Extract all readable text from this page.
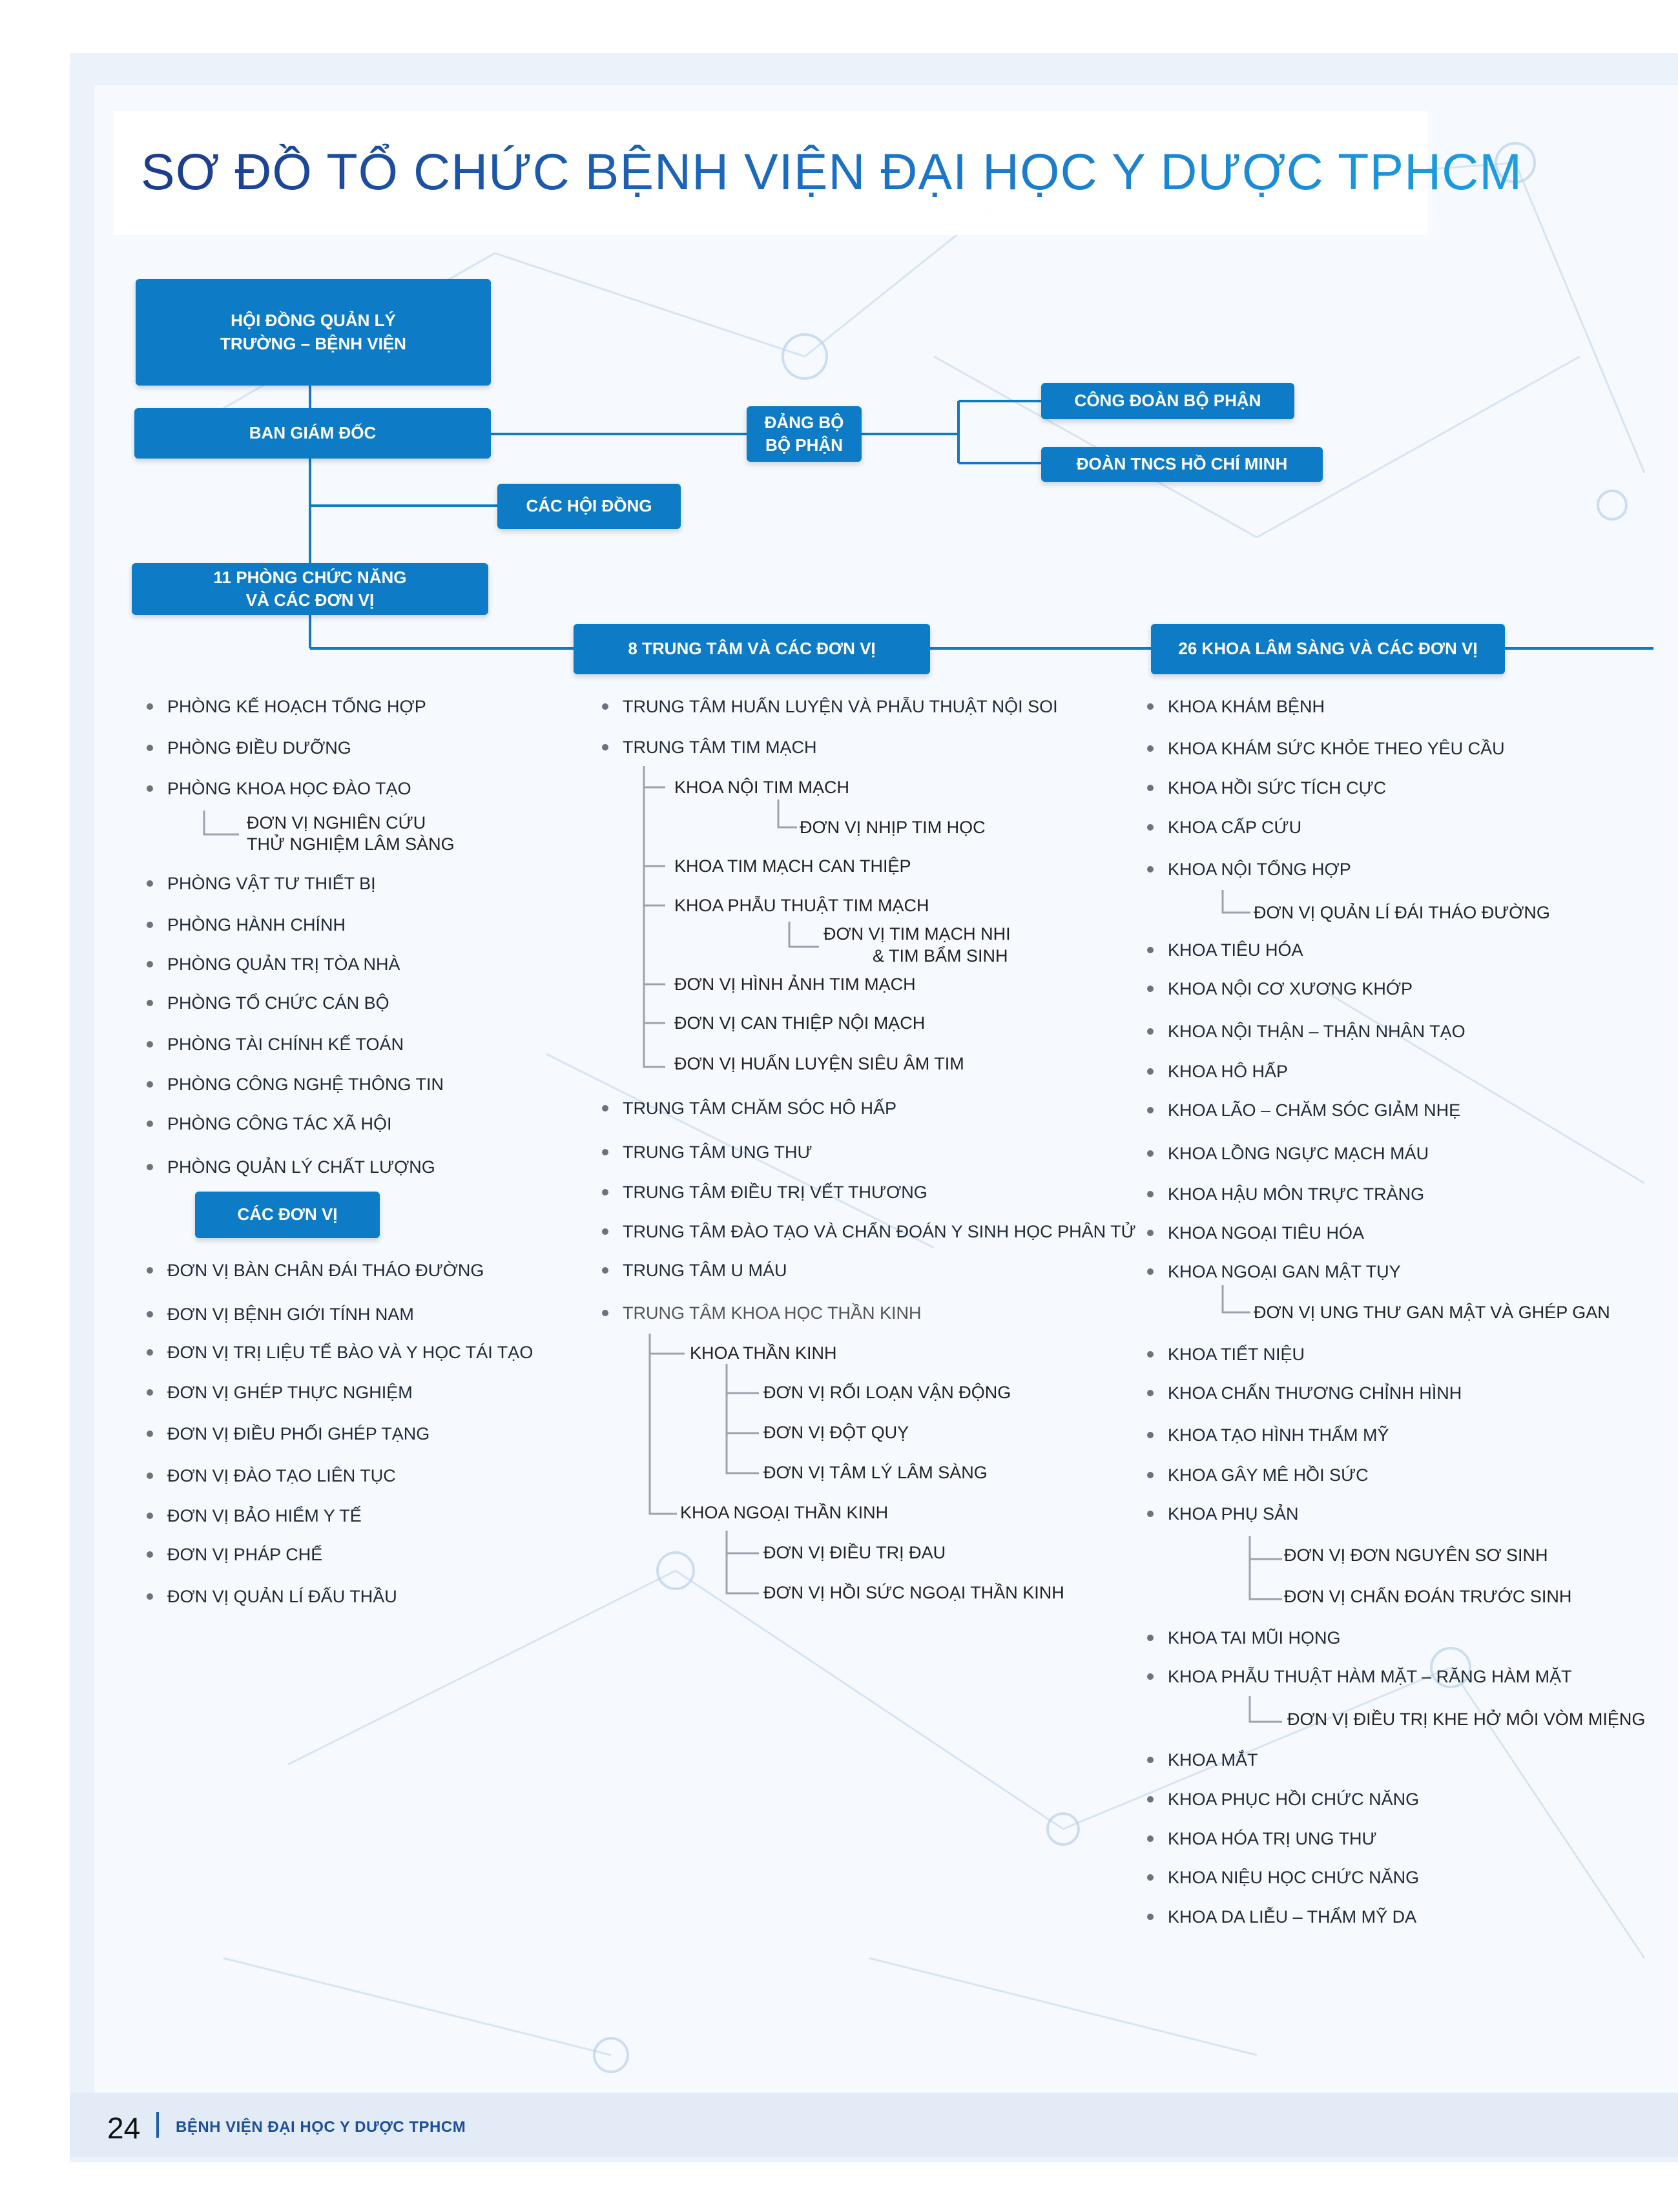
SƠ ĐỒ TỔ CHỨC BỆNH VIỆN ĐẠI HỌC Y DƯỢC TPHCM
HỘI ĐỒNG QUẢN LÝ
TRƯỜNG – BỆNH VIỆN
BAN GIÁM ĐỐC
ĐẢNG BỘ
BỘ PHẬN
CÔNG ĐOÀN BỘ PHẬN
ĐOÀN TNCS HỒ CHÍ MINH
CÁC HỘI ĐỒNG
11 PHÒNG CHỨC NĂNG
VÀ CÁC ĐƠN VỊ
8 TRUNG TÂM VÀ CÁC ĐƠN VỊ	26 KHOA LÂM SÀNG VÀ CÁC ĐƠN VỊ
CÁC ĐƠN VỊ
PHÒNG KẾ HOẠCH TỔNG HỢP
PHÒNG ĐIỀU DƯỠNG
PHÒNG KHOA HỌC ĐÀO TẠO
ĐƠN VỊ NGHIÊN CỨU
THỬ NGHIỆM LÂM SÀNG
PHÒNG VẬT TƯ THIẾT BỊ
PHÒNG HÀNH CHÍNH
PHÒNG QUẢN TRỊ TÒA NHÀ
PHÒNG TỔ CHỨC CÁN BỘ
PHÒNG TÀI CHÍNH KẾ TOÁN
PHÒNG CÔNG NGHỆ THÔNG TIN
PHÒNG CÔNG TÁC XÃ HỘI
PHÒNG QUẢN LÝ CHẤT LƯỢNG
ĐƠN VỊ BÀN CHÂN ĐÁI THÁO ĐƯỜNG
ĐƠN VỊ BỆNH GIỚI TÍNH NAM
ĐƠN VỊ TRỊ LIỆU TẾ BÀO VÀ Y HỌC TÁI TẠO
ĐƠN VỊ GHÉP THỰC NGHIỆM
ĐƠN VỊ ĐIỀU PHỐI GHÉP TẠNG
ĐƠN VỊ ĐÀO TẠO LIÊN TỤC
ĐƠN VỊ BẢO HIỂM Y TẾ
ĐƠN VỊ PHÁP CHẾ
ĐƠN VỊ QUẢN LÍ ĐẤU THẦU
TRUNG TÂM HUẤN LUYỆN VÀ PHẪU THUẬT NỘI SOI
TRUNG TÂM TIM MẠCH
KHOA NỘI TIM MẠCH
ĐƠN VỊ NHỊP TIM HỌC
KHOA TIM MẠCH CAN THIỆP
KHOA PHẪU THUẬT TIM MẠCH
ĐƠN VỊ TIM MẠCH NHI
& TIM BẨM SINH
ĐƠN VỊ HÌNH ẢNH TIM MẠCH
ĐƠN VỊ CAN THIỆP NỘI MẠCH
ĐƠN VỊ HUẤN LUYỆN SIÊU ÂM TIM
TRUNG TÂM CHĂM SÓC HÔ HẤP
TRUNG TÂM UNG THƯ
TRUNG TÂM ĐIỀU TRỊ VẾT THƯƠNG
TRUNG TÂM ĐÀO TẠO VÀ CHẨN ĐOÁN Y SINH HỌC PHÂN TỬ
TRUNG TÂM U MÁU
TRUNG TÂM KHOA HỌC THẦN KINH
KHOA THẦN KINH
ĐƠN VỊ RỐI LOẠN VẬN ĐỘNG
ĐƠN VỊ ĐỘT QUỴ
ĐƠN VỊ TÂM LÝ LÂM SÀNG
KHOA NGOẠI THẦN KINH
ĐƠN VỊ ĐIỀU TRỊ ĐAU
ĐƠN VỊ HỒI SỨC NGOẠI THẦN KINH
KHOA KHÁM BỆNH
KHOA KHÁM SỨC KHỎE THEO YÊU CẦU
KHOA HỒI SỨC TÍCH CỰC
KHOA CẤP CỨU
KHOA NỘI TỔNG HỢP
ĐƠN VỊ QUẢN LÍ ĐÁI THÁO ĐƯỜNG
KHOA TIÊU HÓA
KHOA NỘI CƠ XƯƠNG KHỚP
KHOA NỘI THẬN – THẬN NHÂN TẠO
KHOA HÔ HẤP
KHOA LÃO – CHĂM SÓC GIẢM NHẸ
KHOA LỒNG NGỰC MẠCH MÁU
KHOA HẬU MÔN TRỰC TRÀNG
KHOA NGOẠI TIÊU HÓA
KHOA NGOẠI GAN MẬT TỤY
ĐƠN VỊ UNG THƯ GAN MẬT VÀ GHÉP GAN
KHOA TIẾT NIỆU
KHOA CHẤN THƯƠNG CHỈNH HÌNH
KHOA TẠO HÌNH THẨM MỸ
KHOA GÂY MÊ HỒI SỨC
KHOA PHỤ SẢN
ĐƠN VỊ ĐƠN NGUYÊN SƠ SINH
ĐƠN VỊ CHẨN ĐOÁN TRƯỚC SINH
KHOA TAI MŨI HỌNG
KHOA PHẪU THUẬT HÀM MẶT – RĂNG HÀM MẶT
ĐƠN VỊ ĐIỀU TRỊ KHE HỞ MÔI VÒM MIỆNG
KHOA MẮT
KHOA PHỤC HỒI CHỨC NĂNG
KHOA HÓA TRỊ UNG THƯ
KHOA NIỆU HỌC CHỨC NĂNG
KHOA DA LIỄU – THẨM MỸ DA
24 BỆNH VIỆN ĐẠI HỌC Y DƯỢC TPHCM
